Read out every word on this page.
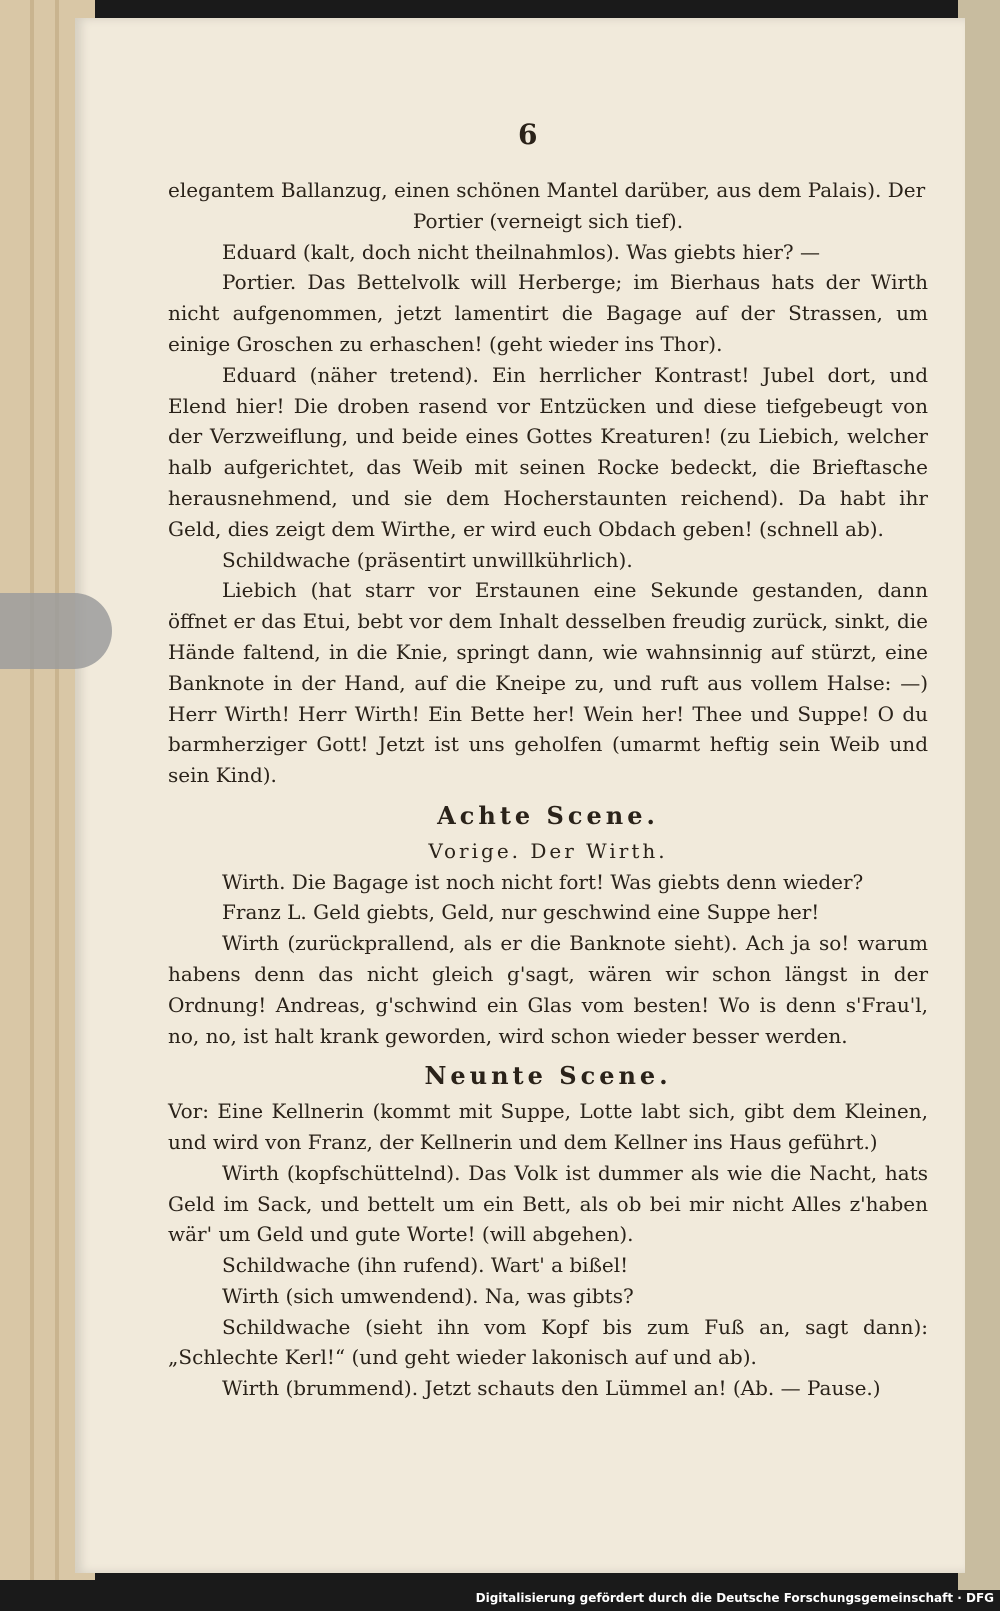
6

elegantem Ballanzug, einen schönen Mantel darüber, aus dem Palais). Der

Portier (verneigt sich tief).

Eduard (kalt, doch nicht theilnahmlos). Was giebts hier? —

Portier. Das Bettelvolk will Herberge; im Bierhaus hats der Wirth nicht aufgenommen, jetzt lamentirt die Bagage auf der Strassen, um einige Groschen zu erhaschen! (geht wieder ins Thor).

Eduard (näher tretend). Ein herrlicher Kontrast! Jubel dort, und Elend hier! Die droben rasend vor Entzücken und diese tiefgebeugt von der Verzweiflung, und beide eines Gottes Kreaturen! (zu Liebich, welcher halb aufgerichtet, das Weib mit seinen Rocke bedeckt, die Brieftasche herausnehmend, und sie dem Hocherstaunten reichend). Da habt ihr Geld, dies zeigt dem Wirthe, er wird euch Obdach geben! (schnell ab).

Schildwache (präsentirt unwillkührlich).

Liebich (hat starr vor Erstaunen eine Sekunde gestanden, dann öffnet er das Etui, bebt vor dem Inhalt desselben freudig zurück, sinkt, die Hände faltend, in die Knie, springt dann, wie wahnsinnig auf stürzt, eine Banknote in der Hand, auf die Kneipe zu, und ruft aus vollem Halse: —) Herr Wirth! Herr Wirth! Ein Bette her! Wein her! Thee und Suppe! O du barmherziger Gott! Jetzt ist uns geholfen (umarmt heftig sein Weib und sein Kind).

Achte Scene.

Vorige. Der Wirth.

Wirth. Die Bagage ist noch nicht fort! Was giebts denn wieder?

Franz L. Geld giebts, Geld, nur geschwind eine Suppe her!

Wirth (zurückprallend, als er die Banknote sieht). Ach ja so! warum habens denn das nicht gleich g'sagt, wären wir schon längst in der Ordnung! Andreas, g'schwind ein Glas vom besten! Wo is denn s'Frau'l, no, no, ist halt krank geworden, wird schon wieder besser werden.

Neunte Scene.

Vor: Eine Kellnerin (kommt mit Suppe, Lotte labt sich, gibt dem Kleinen, und wird von Franz, der Kellnerin und dem Kellner ins Haus geführt.)

Wirth (kopfschüttelnd). Das Volk ist dummer als wie die Nacht, hats Geld im Sack, und bettelt um ein Bett, als ob bei mir nicht Alles z'haben wär' um Geld und gute Worte! (will abgehen).

Schildwache (ihn rufend). Wart' a bißel!

Wirth (sich umwendend). Na, was gibts?

Schildwache (sieht ihn vom Kopf bis zum Fuß an, sagt dann): „Schlechte Kerl!“ (und geht wieder lakonisch auf und ab).

Wirth (brummend). Jetzt schauts den Lümmel an! (Ab. — Pause.)

Digitalisierung gefördert durch die Deutsche Forschungsgemeinschaft · DFG
